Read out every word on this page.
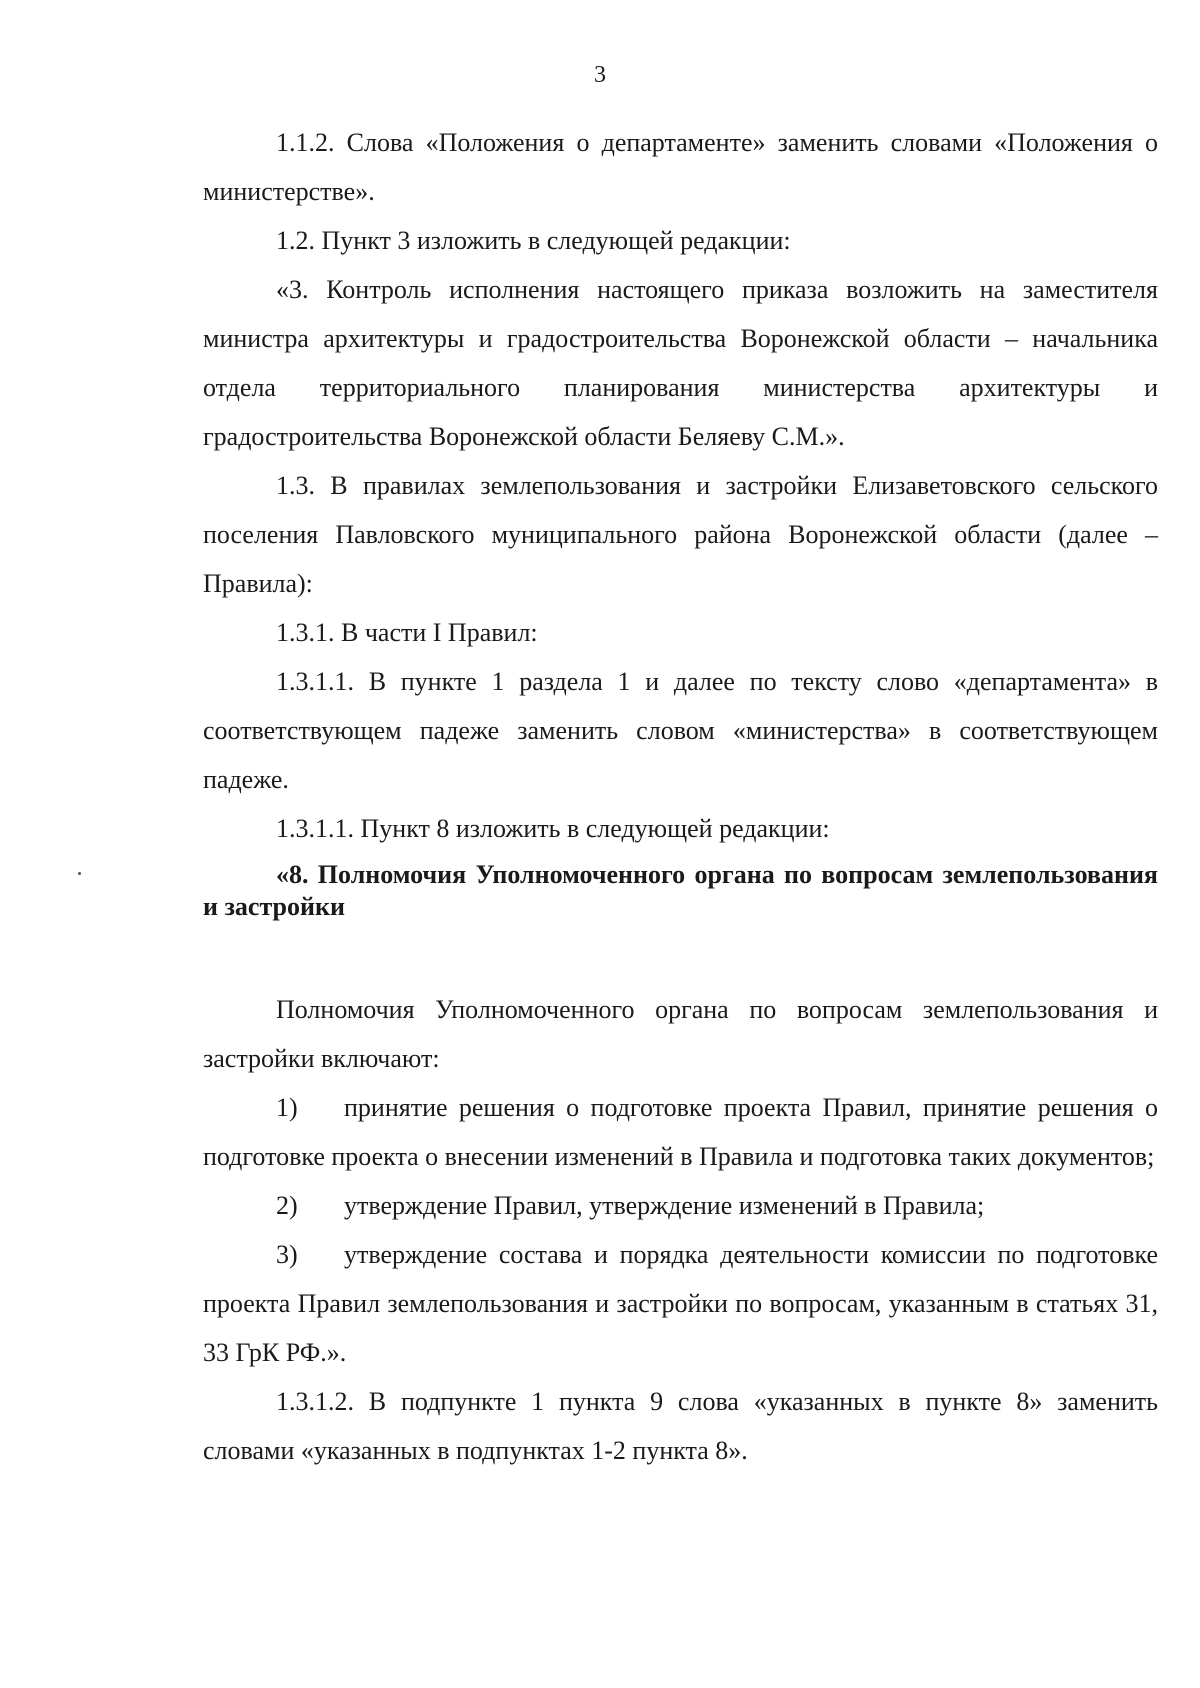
3

1.1.2. Слова «Положения о департаменте» заменить словами «Положения о министерстве».

1.2. Пункт 3 изложить в следующей редакции:

«3. Контроль исполнения настоящего приказа возложить на заместителя министра архитектуры и градостроительства Воронежской области – начальника отдела территориального планирования министерства архитектуры и градостроительства Воронежской области Беляеву С.М.».

1.3. В правилах землепользования и застройки Елизаветовского сельского поселения Павловского муниципального района Воронежской области (далее – Правила):

1.3.1. В части I Правил:

1.3.1.1. В пункте 1 раздела 1 и далее по тексту слово «департамента» в соответствующем падеже заменить словом «министерства» в соответствующем падеже.

1.3.1.1. Пункт 8 изложить в следующей редакции:

«8. Полномочия Уполномоченного органа по вопросам землепользования и застройки

Полномочия Уполномоченного органа по вопросам землепользования и застройки включают:

1) принятие решения о подготовке проекта Правил, принятие решения о подготовке проекта о внесении изменений в Правила и подготовка таких документов;

2) утверждение Правил, утверждение изменений в Правила;

3) утверждение состава и порядка деятельности комиссии по подготовке проекта Правил землепользования и застройки по вопросам, указанным в статьях 31, 33 ГрК РФ.».

1.3.1.2. В подпункте 1 пункта 9 слова «указанных в пункте 8» заменить словами «указанных в подпунктах 1-2 пункта 8».
